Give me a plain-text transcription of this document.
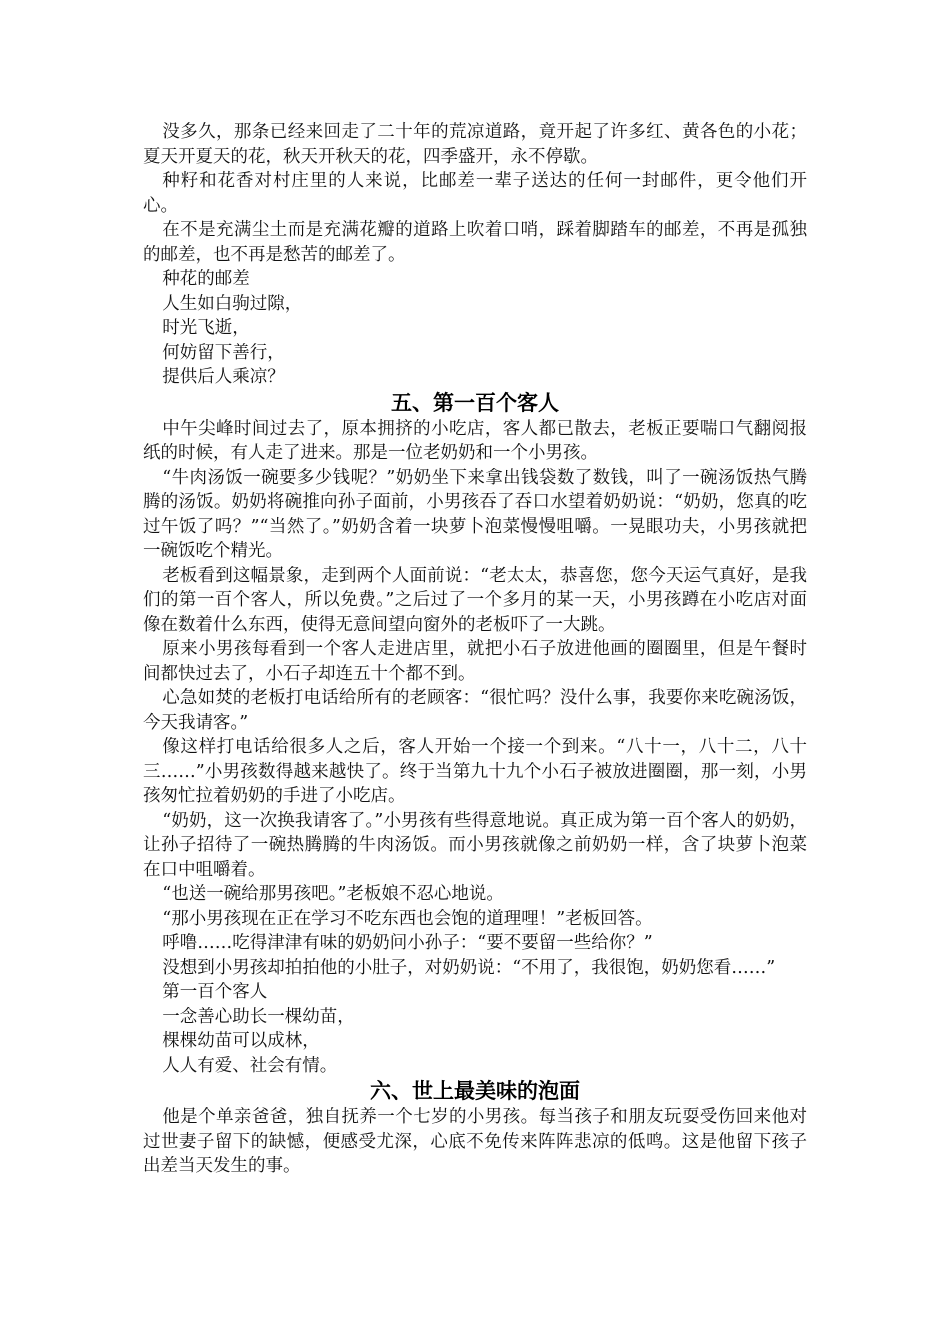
没多久，那条已经来回走了二十年的荒凉道路，竟开起了许多红、黄各色的小花；夏天开夏天的花，秋天开秋天的花，四季盛开，永不停歇。

种籽和花香对村庄里的人来说，比邮差一辈子送达的任何一封邮件，更令他们开心。

在不是充满尘土而是充满花瓣的道路上吹着口哨，踩着脚踏车的邮差，不再是孤独的邮差，也不再是愁苦的邮差了。

种花的邮差

人生如白驹过隙，

时光飞逝，

何妨留下善行，

提供后人乘凉？

五、第一百个客人

中午尖峰时间过去了，原本拥挤的小吃店，客人都已散去，老板正要喘口气翻阅报纸的时候，有人走了进来。那是一位老奶奶和一个小男孩。

“牛肉汤饭一碗要多少钱呢？”奶奶坐下来拿出钱袋数了数钱，叫了一碗汤饭热气腾腾的汤饭。奶奶将碗推向孙子面前，小男孩吞了吞口水望着奶奶说：“奶奶，您真的吃过午饭了吗？”“当然了。”奶奶含着一块萝卜泡菜慢慢咀嚼。一晃眼功夫，小男孩就把一碗饭吃个精光。

老板看到这幅景象，走到两个人面前说：“老太太，恭喜您，您今天运气真好，是我们的第一百个客人，所以免费。”之后过了一个多月的某一天，小男孩蹲在小吃店对面像在数着什么东西，使得无意间望向窗外的老板吓了一大跳。

原来小男孩每看到一个客人走进店里，就把小石子放进他画的圈圈里，但是午餐时间都快过去了，小石子却连五十个都不到。

心急如焚的老板打电话给所有的老顾客：“很忙吗？没什么事，我要你来吃碗汤饭，今天我请客。”

像这样打电话给很多人之后，客人开始一个接一个到来。“八十一，八十二，八十三……”小男孩数得越来越快了。终于当第九十九个小石子被放进圈圈，那一刻，小男孩匆忙拉着奶奶的手进了小吃店。

“奶奶，这一次换我请客了。”小男孩有些得意地说。真正成为第一百个客人的奶奶，让孙子招待了一碗热腾腾的牛肉汤饭。而小男孩就像之前奶奶一样，含了块萝卜泡菜在口中咀嚼着。

“也送一碗给那男孩吧。”老板娘不忍心地说。

“那小男孩现在正在学习不吃东西也会饱的道理哩！”老板回答。

呼噜……吃得津津有味的奶奶问小孙子：“要不要留一些给你？”

没想到小男孩却拍拍他的小肚子，对奶奶说：“不用了，我很饱，奶奶您看……”

第一百个客人

一念善心助长一棵幼苗，

棵棵幼苗可以成林，

人人有爱、社会有情。

六、世上最美味的泡面

他是个单亲爸爸，独自抚养一个七岁的小男孩。每当孩子和朋友玩耍受伤回来他对过世妻子留下的缺憾，便感受尤深，心底不免传来阵阵悲凉的低鸣。这是他留下孩子出差当天发生的事。
